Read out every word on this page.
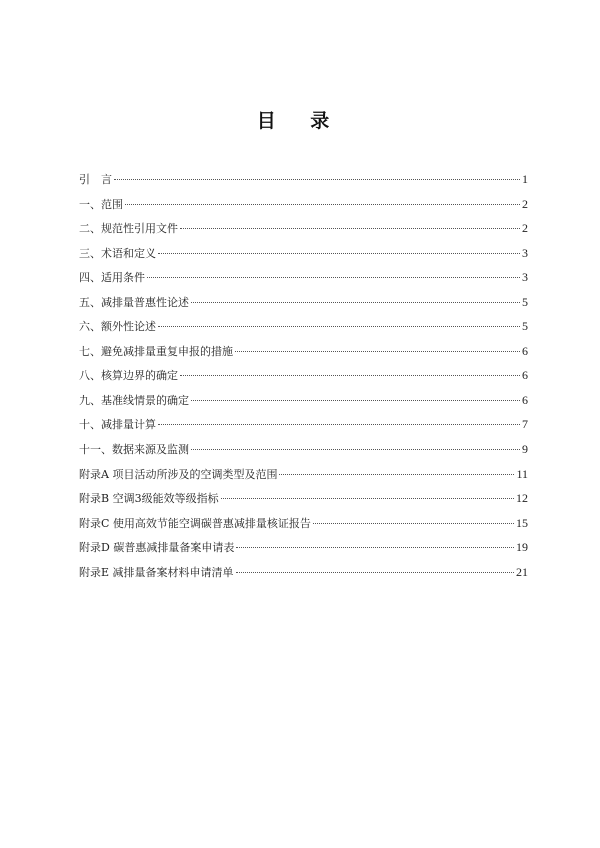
目 录
引　言	1
一、范围	2
二、规范性引用文件	2
三、术语和定义	3
四、适用条件	3
五、减排量普惠性论述	5
六、额外性论述	5
七、避免减排量重复申报的措施	6
八、核算边界的确定	6
九、基准线情景的确定	6
十、减排量计算	7
十一、数据来源及监测	9
附录A 项目活动所涉及的空调类型及范围	11
附录B 空调3级能效等级指标	12
附录C 使用高效节能空调碳普惠减排量核证报告	15
附录D 碳普惠减排量备案申请表	19
附录E 减排量备案材料申请清单	21
